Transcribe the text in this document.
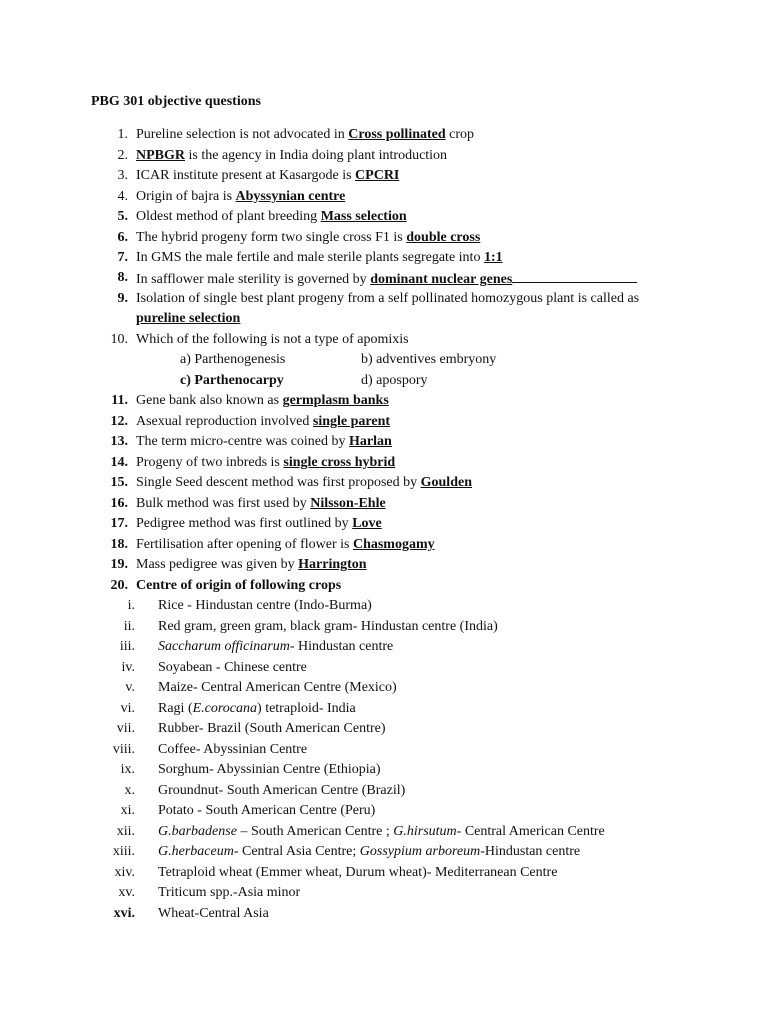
PBG 301 objective questions
1. Pureline selection is not advocated in Cross pollinated crop
2. NPBGR is the agency in India doing plant introduction
3. ICAR institute present at Kasargode is CPCRI
4. Origin of bajra is Abyssynian centre
5. Oldest method of plant breeding Mass selection
6. The hybrid progeny form two single cross F1 is double cross
7. In GMS the male fertile and male sterile plants segregate into 1:1
8. In safflower male sterility is governed by dominant nuclear genes
9. Isolation of single best plant progeny from a self pollinated homozygous plant is called as
pureline selection
10. Which of the following is not a type of apomixis
a) Parthenogenesis	b) adventives embryony
c) Parthenocarpy	d) apospory
11. Gene bank also known as germplasm banks
12. Asexual reproduction involved single parent
13. The term micro-centre was coined by Harlan
14. Progeny of two inbreds is single cross hybrid
15. Single Seed descent method was first proposed by Goulden
16. Bulk method was first used by Nilsson-Ehle
17. Pedigree method was first outlined by Love
18. Fertilisation after opening of flower is Chasmogamy
19. Mass pedigree was given by Harrington
20. Centre of origin of following crops
i. Rice - Hindustan centre (Indo-Burma)
ii. Red gram, green gram, black gram- Hindustan centre (India)
iii. Saccharum officinarum- Hindustan centre
iv. Soyabean - Chinese centre
v. Maize- Central American Centre (Mexico)
vi. Ragi (E.corocana) tetraploid- India
vii. Rubber- Brazil (South American Centre)
viii. Coffee- Abyssinian Centre
ix. Sorghum- Abyssinian Centre (Ethiopia)
x. Groundnut- South American Centre (Brazil)
xi. Potato - South American Centre (Peru)
xii. G.barbadense – South American Centre ; G.hirsutum- Central American Centre
xiii. G.herbaceum- Central Asia Centre; Gossypium arboreum-Hindustan centre
xiv. Tetraploid wheat (Emmer wheat, Durum wheat)- Mediterranean Centre
xv. Triticum spp.-Asia minor
xvi. Wheat-Central Asia
